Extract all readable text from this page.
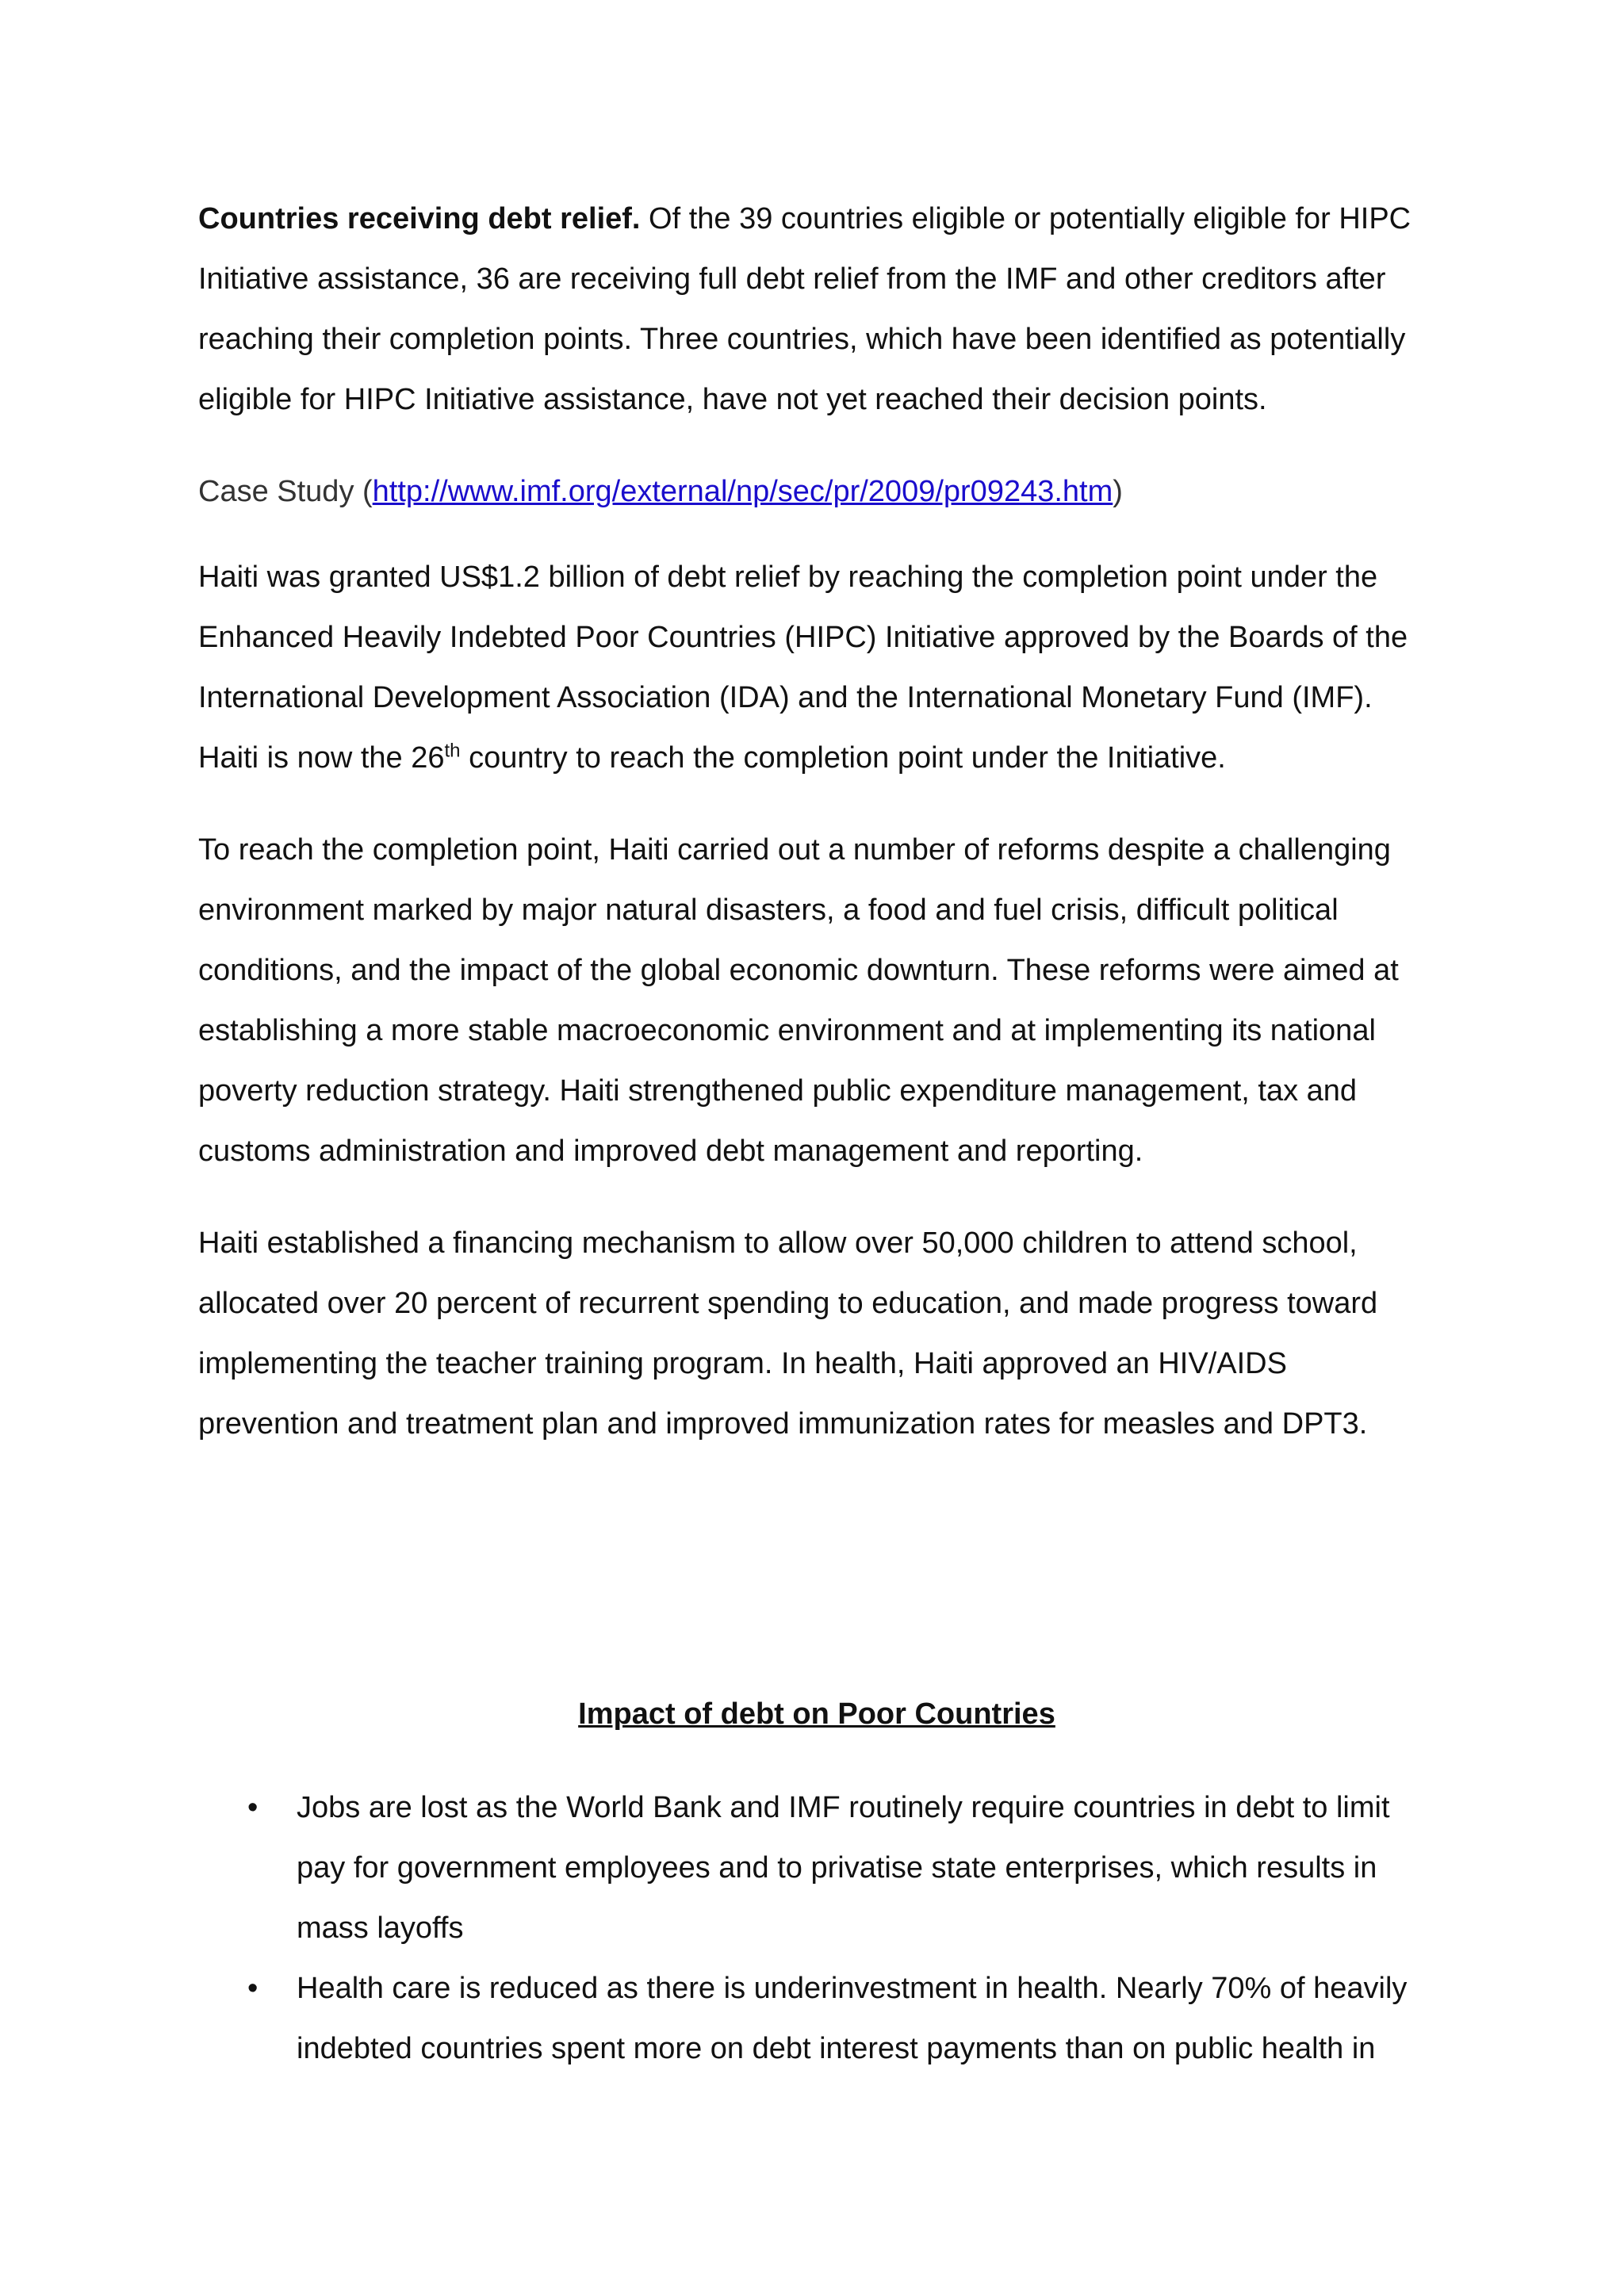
Countries receiving debt relief. Of the 39 countries eligible or potentially eligible for HIPC Initiative assistance, 36 are receiving full debt relief from the IMF and other creditors after reaching their completion points. Three countries, which have been identified as potentially eligible for HIPC Initiative assistance, have not yet reached their decision points.

Case Study (http://www.imf.org/external/np/sec/pr/2009/pr09243.htm)

Haiti was granted US$1.2 billion of debt relief by reaching the completion point under the Enhanced Heavily Indebted Poor Countries (HIPC) Initiative approved by the Boards of the International Development Association (IDA) and the International Monetary Fund (IMF). Haiti is now the 26th country to reach the completion point under the Initiative.

To reach the completion point, Haiti carried out a number of reforms despite a challenging environment marked by major natural disasters, a food and fuel crisis, difficult political conditions, and the impact of the global economic downturn. These reforms were aimed at establishing a more stable macroeconomic environment and at implementing its national poverty reduction strategy. Haiti strengthened public expenditure management, tax and customs administration and improved debt management and reporting.

Haiti established a financing mechanism to allow over 50,000 children to attend school, allocated over 20 percent of recurrent spending to education, and made progress toward implementing the teacher training program. In health, Haiti approved an HIV/AIDS prevention and treatment plan and improved immunization rates for measles and DPT3.

Impact of debt on Poor Countries
• Jobs are lost as the World Bank and IMF routinely require countries in debt to limit pay for government employees and to privatise state enterprises, which results in mass layoffs
• Health care is reduced as there is underinvestment in health. Nearly 70% of heavily indebted countries spent more on debt interest payments than on public health in
